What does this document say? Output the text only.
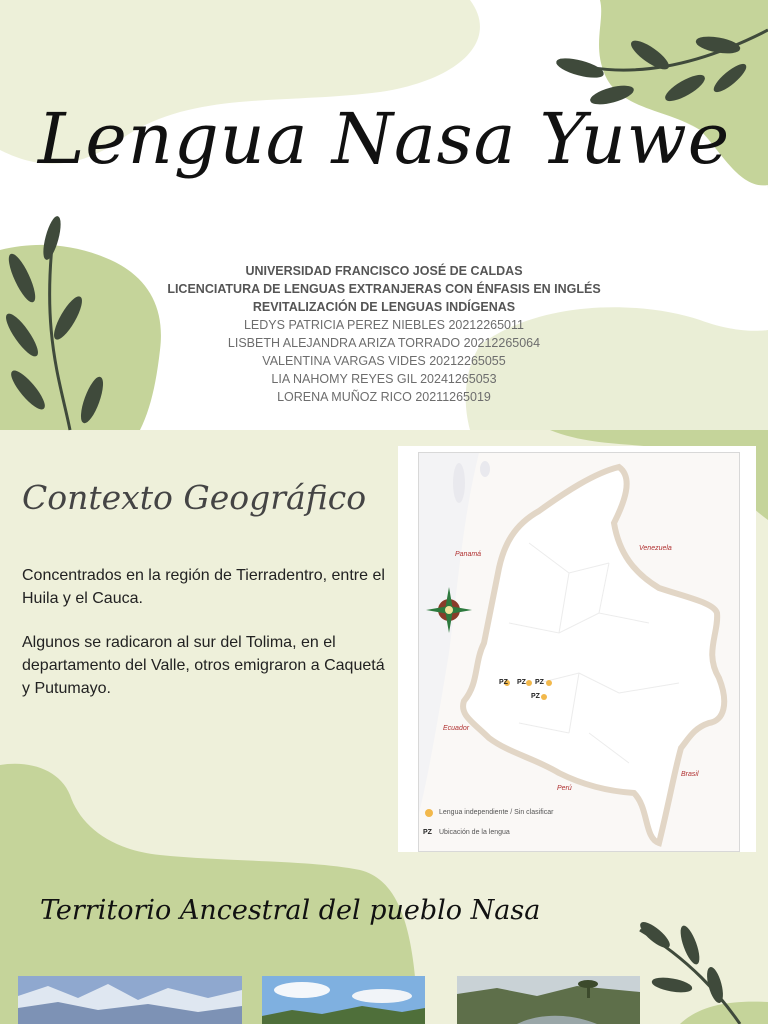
Lengua Nasa Yuwe
UNIVERSIDAD FRANCISCO JOSÉ DE CALDAS
LICENCIATURA DE LENGUAS EXTRANJERAS CON ÉNFASIS EN INGLÉS
REVITALIZACIÓN DE LENGUAS INDÍGENAS
LEDYS PATRICIA PEREZ NIEBLES 20212265011
LISBETH ALEJANDRA ARIZA TORRADO 20212265064
VALENTINA VARGAS VIDES 20212265055
LIA NAHOMY REYES GIL 20241265053
LORENA MUÑOZ RICO 20211265019
Contexto Geográfico
Concentrados en la región de Tierradentro, entre el Huila y el Cauca.
Algunos se radicaron al sur del Tolima, en el departamento del Valle, otros emigraron a Caquetá y Putumayo.
Panamá
Venezuela
Ecuador
Perú
Brasil
PZ PZ PZ
PZ
Lengua independiente / Sin clasificar
PZ Ubicación de la lengua
Territorio Ancestral del pueblo Nasa
